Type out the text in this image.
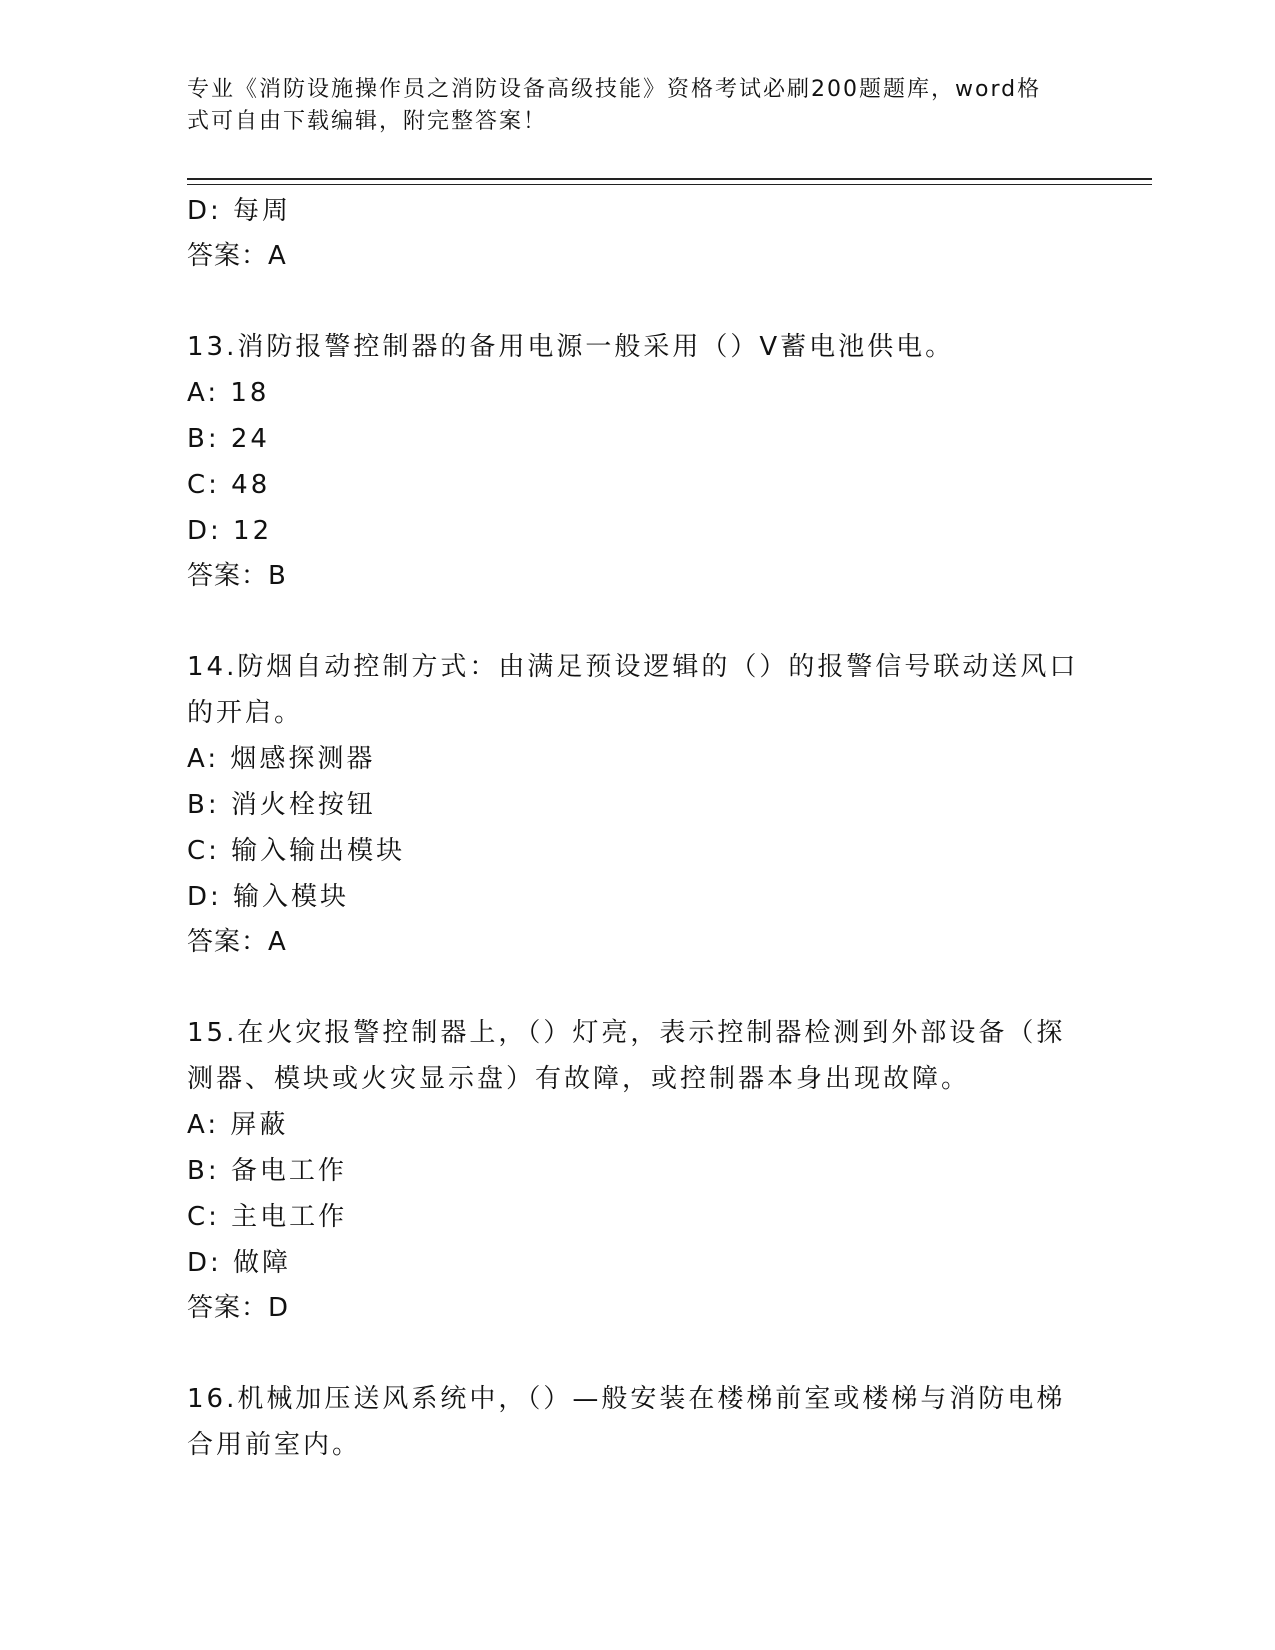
专业《消防设施操作员之消防设备高级技能》资格考试必刷200题题库，word格
式可自由下载编辑，附完整答案！
D: 每周
答案：A
13.消防报警控制器的备用电源一般采用（）V蓄电池供电。
A: 18
B: 24
C: 48
D: 12
答案：B
14.防烟自动控制方式：由满足预设逻辑的（）的报警信号联动送风口
的开启。
A: 烟感探测器
B: 消火栓按钮
C: 输入输出模块
D: 输入模块
答案：A
15.在火灾报警控制器上，（）灯亮，表示控制器检测到外部设备（探
测器、模块或火灾显示盘）有故障，或控制器本身出现故障。
A: 屏蔽
B: 备电工作
C: 主电工作
D: 做障
答案：D
16.机械加压送风系统中，（）—般安装在楼梯前室或楼梯与消防电梯
合用前室内。
